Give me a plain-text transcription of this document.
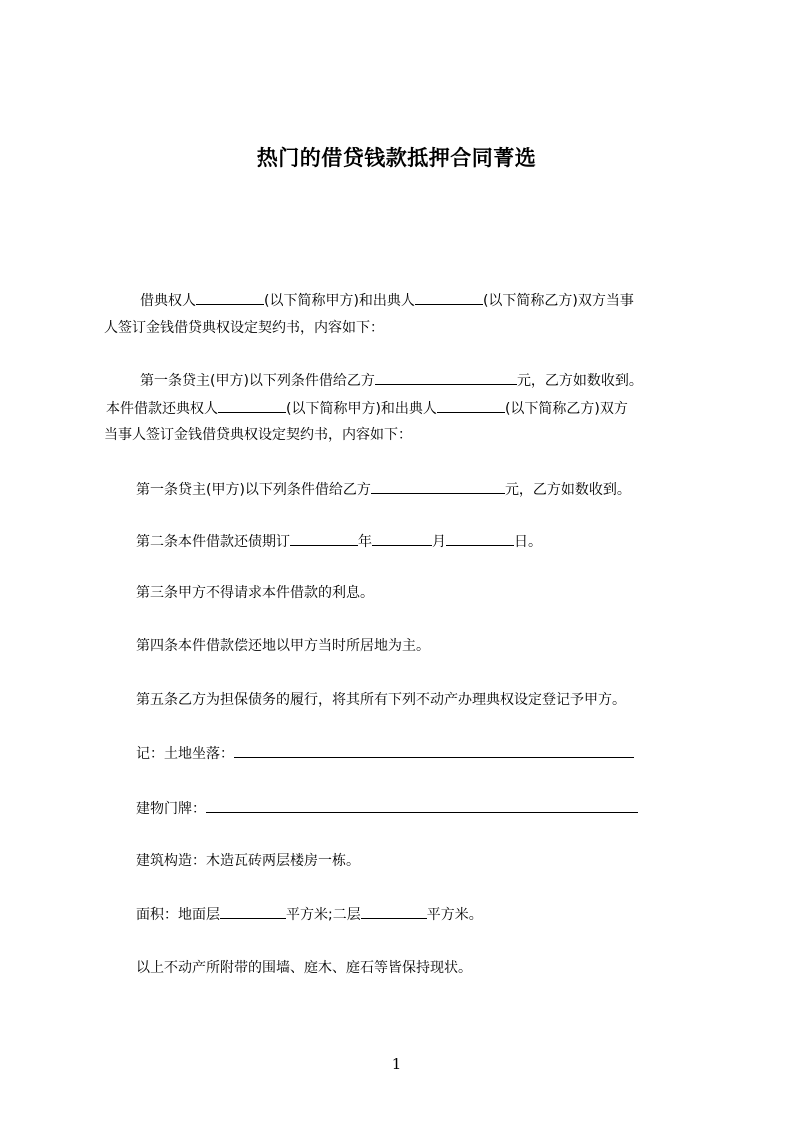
热门的借贷钱款抵押合同菁选

借典权人	(以下简称甲方)和出典人	(以下简称乙方)双方当事

人签订金钱借贷典权设定契约书，内容如下：

第一条贷主(甲方)以下列条件借给乙方	元，乙方如数收到。

本件借款还典权人	(以下简称甲方)和出典人	(以下简称乙方)双方

当事人签订金钱借贷典权设定契约书，内容如下：

第一条贷主(甲方)以下列条件借给乙方	元，乙方如数收到。

第二条本件借款还债期订	年	月	日。

第三条甲方不得请求本件借款的利息。

第四条本件借款偿还地以甲方当时所居地为主。

第五条乙方为担保债务的履行，将其所有下列不动产办理典权设定登记予甲方。

记：土地坐落：

建物门牌：

建筑构造：木造瓦砖两层楼房一栋。

面积：地面层	平方米;二层	平方米。

以上不动产所附带的围墙、庭木、庭石等皆保持现状。

1
